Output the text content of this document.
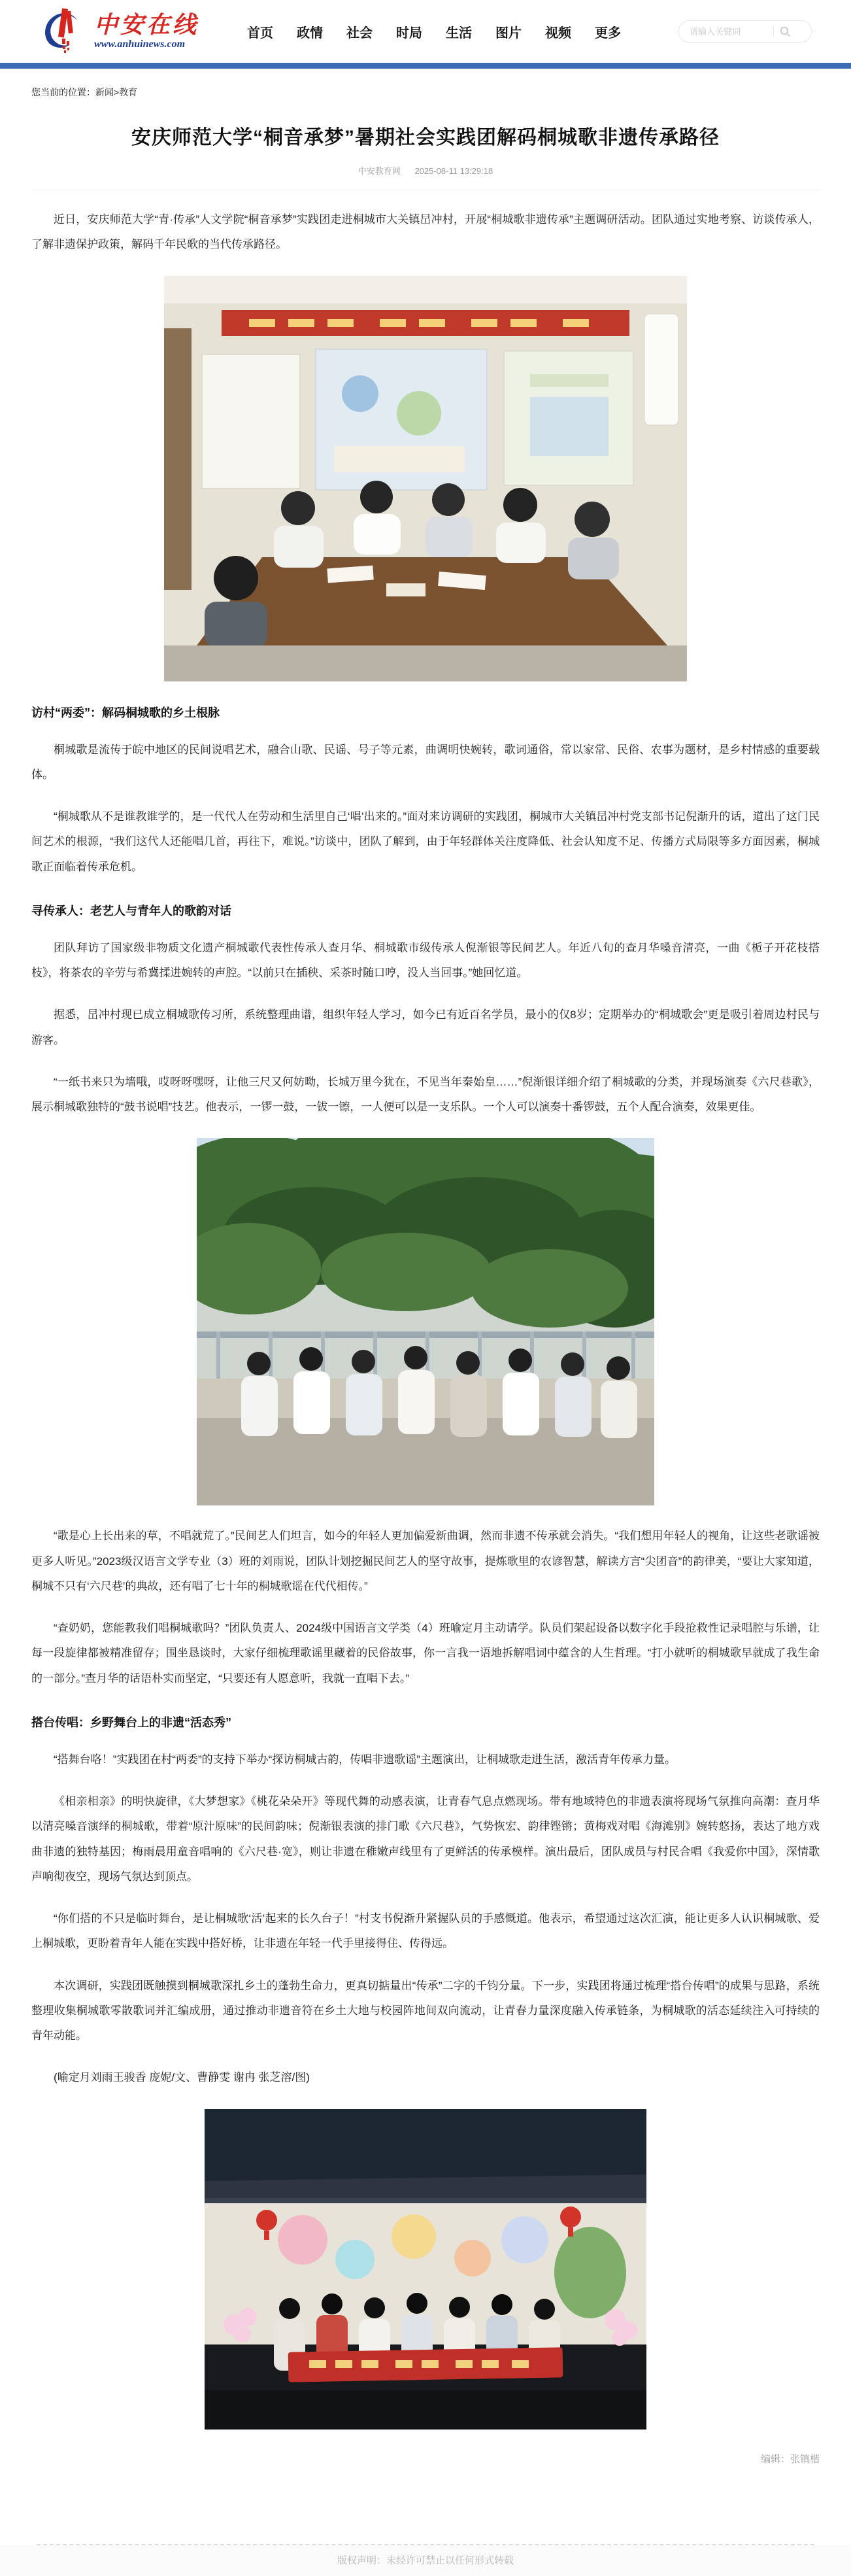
中安在线
www.anhuinews.com
首页 政情 社会 时局 生活 图片 视频 更多
请输入关键词
您当前的位置：新闻>教育
安庆师范大学“桐音承梦”暑期社会实践团解码桐城歌非遗传承路径
中安教育网 2025-08-11 13:29:18

近日，安庆师范大学“青·传承”人文学院“桐音承梦”实践团走进桐城市大关镇旵冲村，开展“桐城歌非遗传承”主题调研活动。团队通过实地考察、访谈传承人，了解非遗保护政策，解码千年民歌的当代传承路径。

访村“两委”：解码桐城歌的乡土根脉

桐城歌是流传于皖中地区的民间说唱艺术，融合山歌、民谣、号子等元素，曲调明快婉转，歌词通俗，常以家常、民俗、农事为题材，是乡村情感的重要载体。

“桐城歌从不是谁教谁学的，是一代代人在劳动和生活里自己‘唱’出来的。”面对来访调研的实践团，桐城市大关镇旵冲村党支部书记倪渐升的话，道出了这门民间艺术的根源，“我们这代人还能唱几首，再往下，难说。”访谈中，团队了解到，由于年轻群体关注度降低、社会认知度不足、传播方式局限等多方面因素，桐城歌正面临着传承危机。

寻传承人：老艺人与青年人的歌韵对话

团队拜访了国家级非物质文化遗产桐城歌代表性传承人查月华、桐城歌市级传承人倪渐银等民间艺人。年近八旬的查月华嗓音清亮，一曲《栀子开花枝搭枝》，将茶农的辛劳与希冀揉进婉转的声腔。“以前只在插秧、采茶时随口哼，没人当回事。”她回忆道。

据悉，旵冲村现已成立桐城歌传习所，系统整理曲谱，组织年轻人学习，如今已有近百名学员，最小的仅8岁；定期举办的“桐城歌会”更是吸引着周边村民与游客。

“一纸书来只为墙哦，哎呀呀嘿呀，让他三尺又何妨呦，长城万里今犹在，不见当年秦始皇……”倪渐银详细介绍了桐城歌的分类，并现场演奏《六尺巷歌》，展示桐城歌独特的“鼓书说唱”技艺。他表示，一锣一鼓，一钹一镲，一人便可以是一支乐队。一个人可以演奏十番锣鼓，五个人配合演奏，效果更佳。

“歌是心上长出来的草，不唱就荒了。”民间艺人们坦言，如今的年轻人更加偏爱新曲调，然而非遗不传承就会消失。“我们想用年轻人的视角，让这些老歌谣被更多人听见。”2023级汉语言文学专业（3）班的刘雨说，团队计划挖掘民间艺人的坚守故事，提炼歌里的农谚智慧，解读方言“尖团音”的韵律美，“要让大家知道，桐城不只有‘六尺巷’的典故，还有唱了七十年的桐城歌谣在代代相传。”

“查奶奶，您能教我们唱桐城歌吗？”团队负责人、2024级中国语言文学类（4）班喻定月主动请学。队员们架起设备以数字化手段抢救性记录唱腔与乐谱，让每一段旋律都被精准留存；围坐恳谈时，大家仔细梳理歌谣里藏着的民俗故事，你一言我一语地拆解唱词中蕴含的人生哲理。“打小就听的桐城歌早就成了我生命的一部分。”查月华的话语朴实而坚定，“只要还有人愿意听，我就一直唱下去。”

搭台传唱：乡野舞台上的非遗“活态秀”

“搭舞台咯！”实践团在村“两委”的支持下举办“探访桐城古韵，传唱非遗歌谣”主题演出，让桐城歌走进生活，激活青年传承力量。

《相亲相亲》的明快旋律，《大梦想家》《桃花朵朵开》等现代舞的动感表演，让青春气息点燃现场。带有地域特色的非遗表演将现场气氛推向高潮：查月华以清亮嗓音演绎的桐城歌，带着“原汁原味”的民间韵味；倪渐银表演的排门歌《六尺巷》，气势恢宏、韵律铿锵；黄梅戏对唱《海滩别》婉转悠扬，表达了地方戏曲非遗的独特基因；梅雨晨用童音唱响的《六尺巷·宽》，则让非遗在稚嫩声线里有了更鲜活的传承模样。演出最后，团队成员与村民合唱《我爱你中国》，深情歌声响彻夜空，现场气氛达到顶点。

“你们搭的不只是临时舞台，是让桐城歌‘活’起来的长久台子！”村支书倪渐升紧握队员的手感慨道。他表示，希望通过这次汇演，能让更多人认识桐城歌、爱上桐城歌，更盼着青年人能在实践中搭好桥，让非遗在年轻一代手里接得住、传得远。

本次调研，实践团既触摸到桐城歌深扎乡土的蓬勃生命力，更真切掂量出“传承”二字的千钧分量。下一步，实践团将通过梳理“搭台传唱”的成果与思路，系统整理收集桐城歌零散歌词并汇编成册，通过推动非遗音符在乡土大地与校园阵地间双向流动，让青春力量深度融入传承链条，为桐城歌的活态延续注入可持续的青年动能。

(喻定月刘雨王骏香 庞妮/文、曹静雯 谢冉 张芝溶/图)

编辑：张镇楷
版权声明：未经许可禁止以任何形式转载
